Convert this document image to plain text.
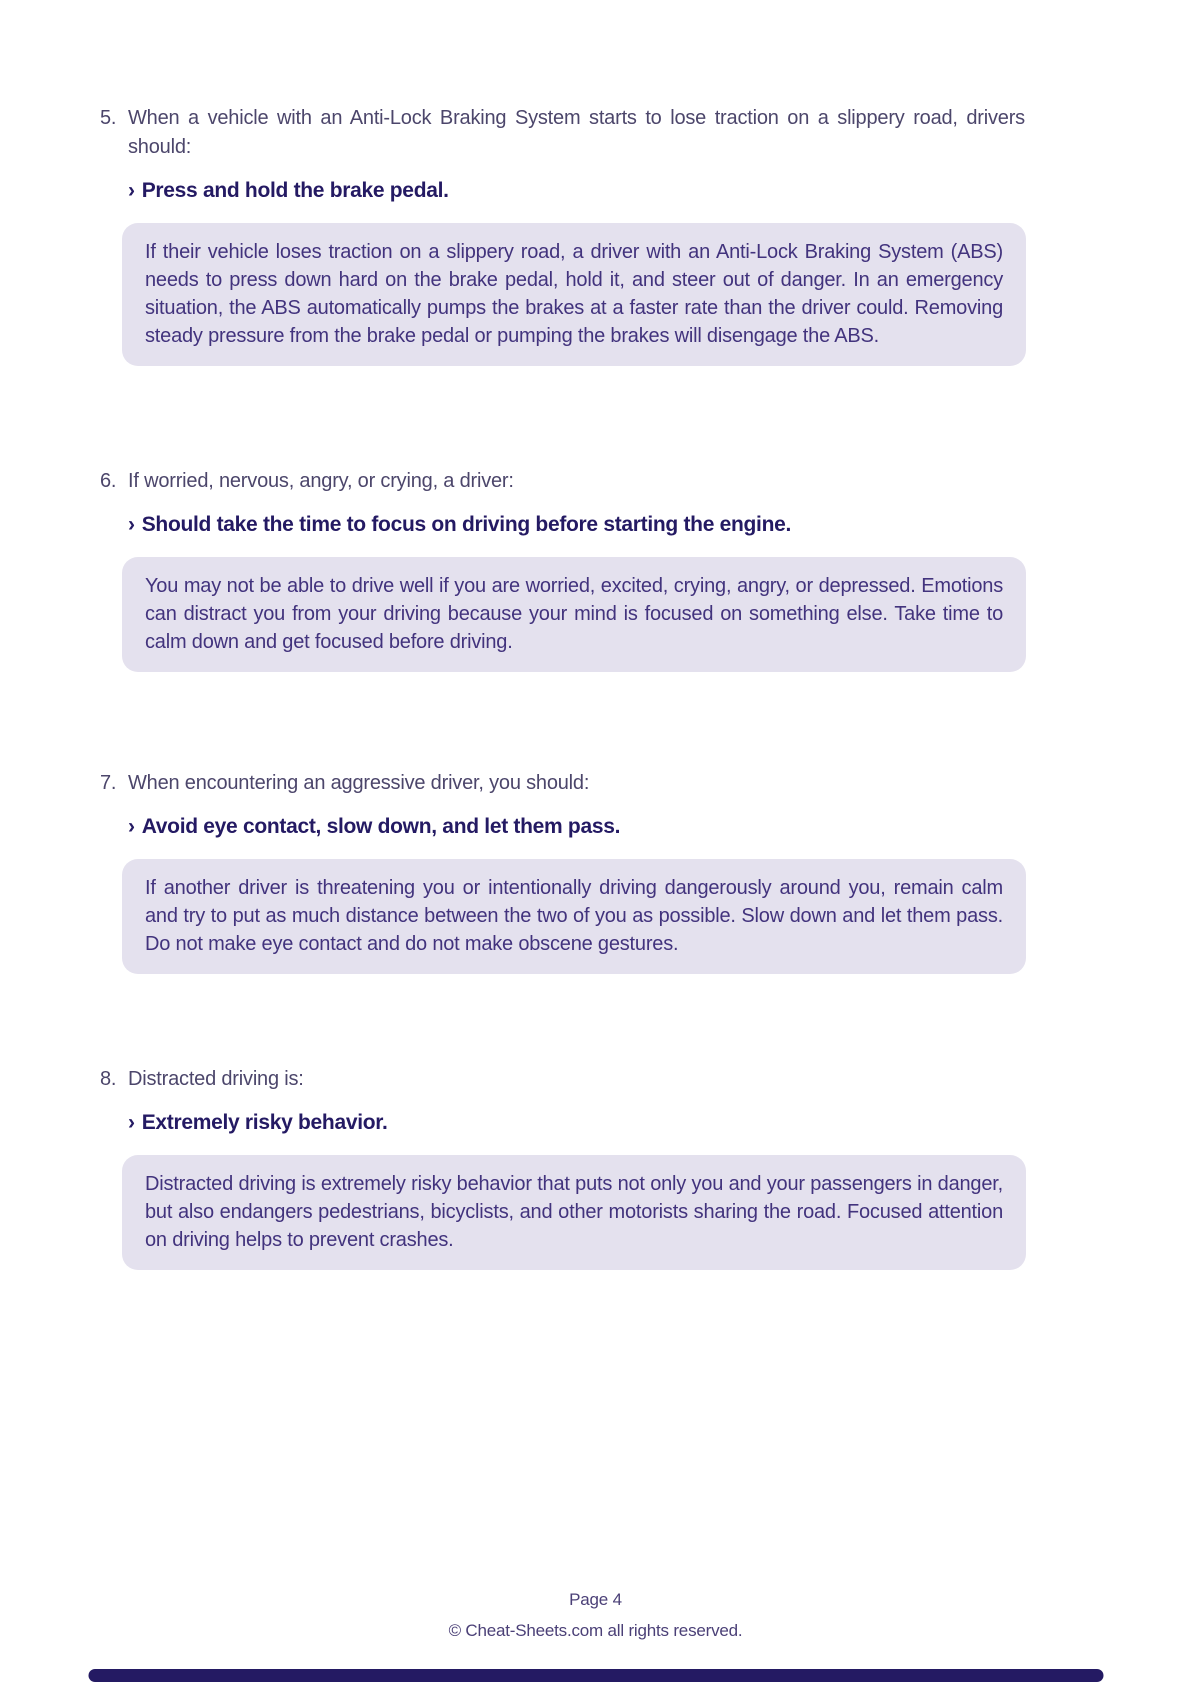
5. When a vehicle with an Anti-Lock Braking System starts to lose traction on a slippery road, drivers should:

› Press and hold the brake pedal.

If their vehicle loses traction on a slippery road, a driver with an Anti-Lock Braking System (ABS) needs to press down hard on the brake pedal, hold it, and steer out of danger. In an emergency situation, the ABS automatically pumps the brakes at a faster rate than the driver could. Removing steady pressure from the brake pedal or pumping the brakes will disengage the ABS.

6. If worried, nervous, angry, or crying, a driver:

› Should take the time to focus on driving before starting the engine.

You may not be able to drive well if you are worried, excited, crying, angry, or depressed. Emotions can distract you from your driving because your mind is focused on something else. Take time to calm down and get focused before driving.

7. When encountering an aggressive driver, you should:

› Avoid eye contact, slow down, and let them pass.

If another driver is threatening you or intentionally driving dangerously around you, remain calm and try to put as much distance between the two of you as possible. Slow down and let them pass. Do not make eye contact and do not make obscene gestures.

8. Distracted driving is:

› Extremely risky behavior.

Distracted driving is extremely risky behavior that puts not only you and your passengers in danger, but also endangers pedestrians, bicyclists, and other motorists sharing the road. Focused attention on driving helps to prevent crashes.

Page 4
© Cheat-Sheets.com all rights reserved.
